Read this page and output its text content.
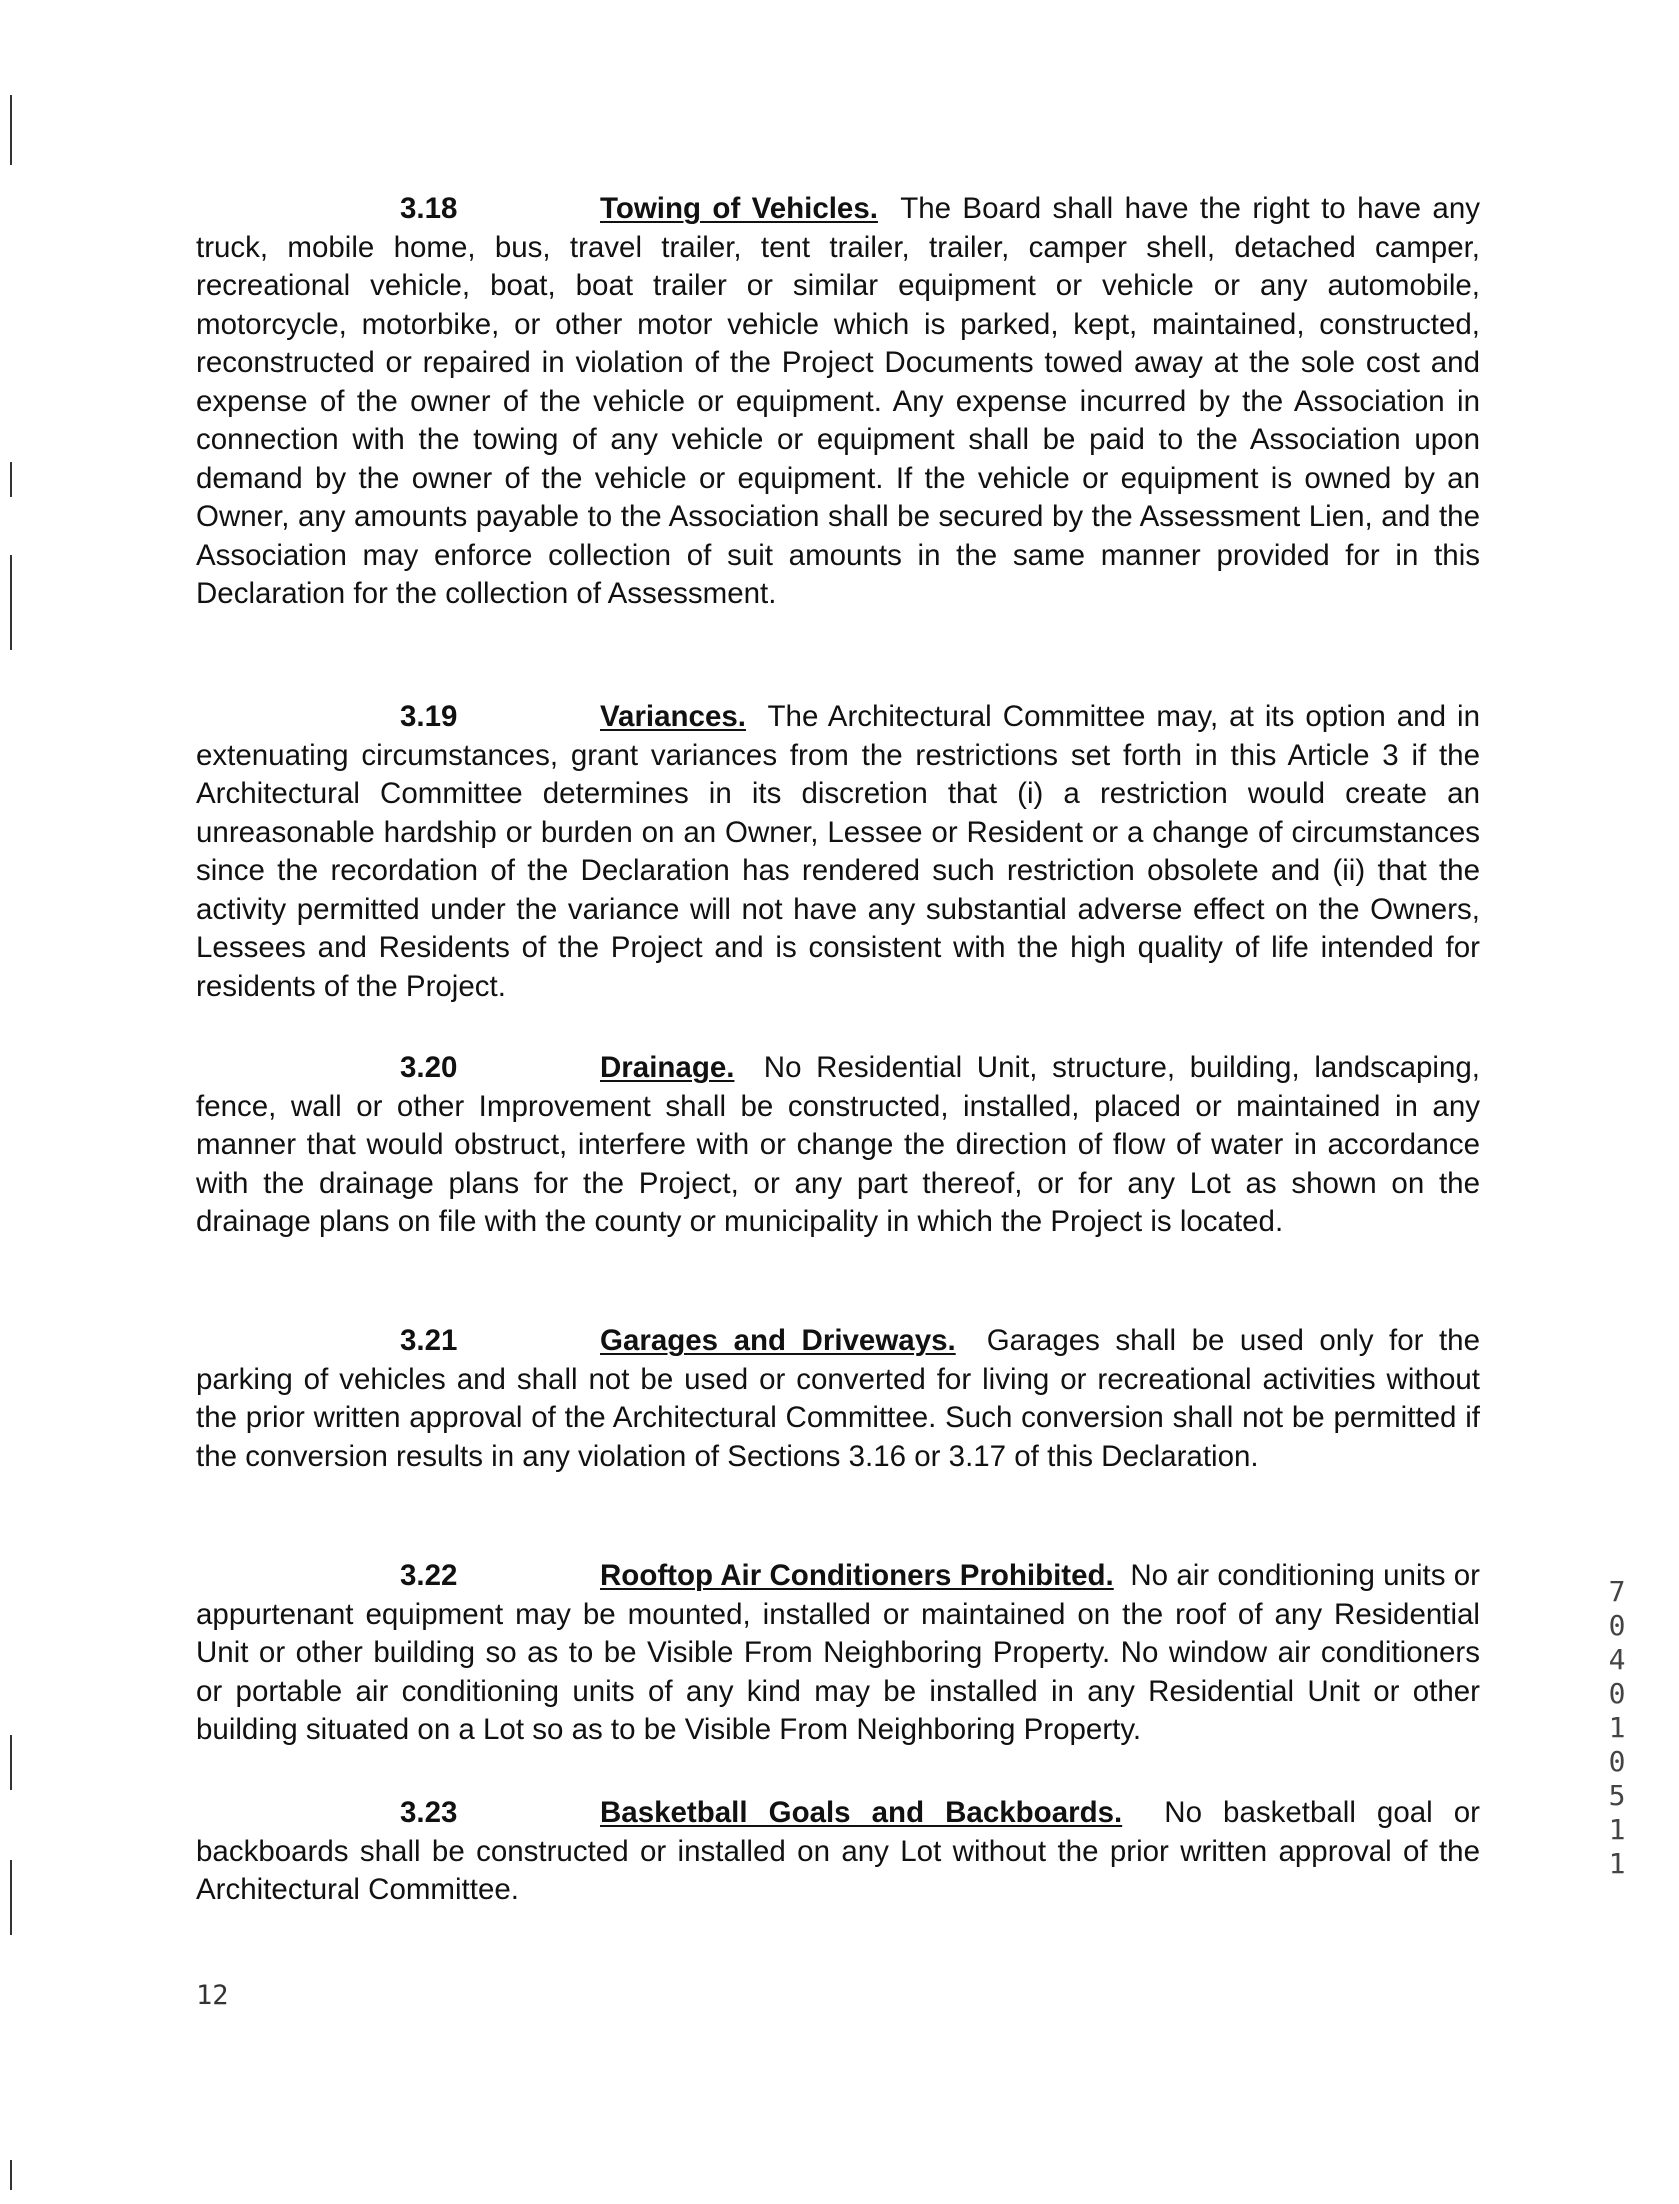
3.18	Towing of Vehicles. The Board shall have the right to have any truck, mobile home, bus, travel trailer, tent trailer, trailer, camper shell, detached camper, recreational vehicle, boat, boat trailer or similar equipment or vehicle or any automobile, motorcycle, motorbike, or other motor vehicle which is parked, kept, maintained, constructed, reconstructed or repaired in violation of the Project Documents towed away at the sole cost and expense of the owner of the vehicle or equipment. Any expense incurred by the Association in connection with the towing of any vehicle or equipment shall be paid to the Association upon demand by the owner of the vehicle or equipment. If the vehicle or equipment is owned by an Owner, any amounts payable to the Association shall be secured by the Assessment Lien, and the Association may enforce collection of suit amounts in the same manner provided for in this Declaration for the collection of Assessment.
3.19	Variances. The Architectural Committee may, at its option and in extenuating circumstances, grant variances from the restrictions set forth in this Article 3 if the Architectural Committee determines in its discretion that (i) a restriction would create an unreasonable hardship or burden on an Owner, Lessee or Resident or a change of circumstances since the recordation of the Declaration has rendered such restriction obsolete and (ii) that the activity permitted under the variance will not have any substantial adverse effect on the Owners, Lessees and Residents of the Project and is consistent with the high quality of life intended for residents of the Project.
3.20	Drainage. No Residential Unit, structure, building, landscaping, fence, wall or other Improvement shall be constructed, installed, placed or maintained in any manner that would obstruct, interfere with or change the direction of flow of water in accordance with the drainage plans for the Project, or any part thereof, or for any Lot as shown on the drainage plans on file with the county or municipality in which the Project is located.
3.21	Garages and Driveways. Garages shall be used only for the parking of vehicles and shall not be used or converted for living or recreational activities without the prior written approval of the Architectural Committee. Such conversion shall not be permitted if the conversion results in any violation of Sections 3.16 or 3.17 of this Declaration.
3.22	Rooftop Air Conditioners Prohibited. No air conditioning units or appurtenant equipment may be mounted, installed or maintained on the roof of any Residential Unit or other building so as to be Visible From Neighboring Property. No window air conditioners or portable air conditioning units of any kind may be installed in any Residential Unit or other building situated on a Lot so as to be Visible From Neighboring Property.
3.23	Basketball Goals and Backboards. No basketball goal or backboards shall be constructed or installed on any Lot without the prior written approval of the Architectural Committee.
12
7040 1051 1
